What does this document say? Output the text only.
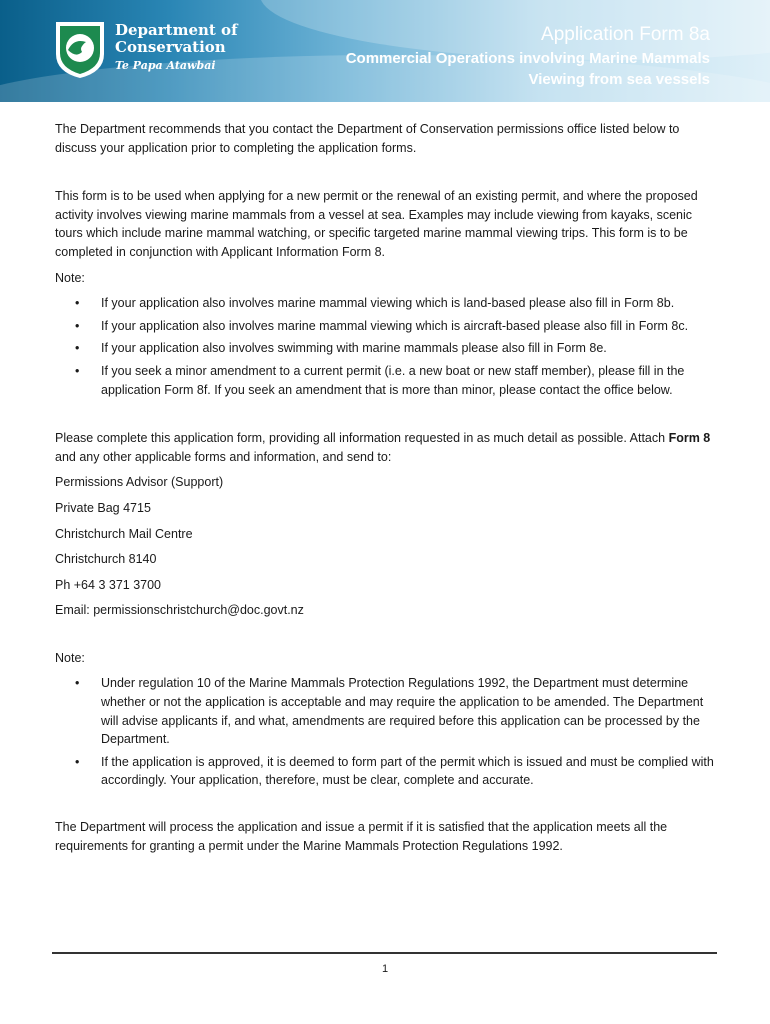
Department of
Conservation
Te Papa Atawbai
Application Form 8a
Commercial Operations involving Marine Mammals
Viewing from sea vessels

The Department recommends that you contact the Department of Conservation permissions office listed below to discuss your application prior to completing the application forms.

This form is to be used when applying for a new permit or the renewal of an existing permit, and where the proposed activity involves viewing marine mammals from a vessel at sea. Examples may include viewing from kayaks, scenic tours which include marine mammal watching, or specific targeted marine mammal viewing trips. This form is to be completed in conjunction with Applicant Information Form 8.

Note:

• If your application also involves marine mammal viewing which is land-based please also fill in Form 8b.
• If your application also involves marine mammal viewing which is aircraft-based please also fill in Form 8c.
• If your application also involves swimming with marine mammals please also fill in Form 8e.
• If you seek a minor amendment to a current permit (i.e. a new boat or new staff member), please fill in the application Form 8f. If you seek an amendment that is more than minor, please contact the office below.

Please complete this application form, providing all information requested in as much detail as possible. Attach Form 8 and any other applicable forms and information, and send to:

Permissions Advisor (Support)

Private Bag 4715

Christchurch Mail Centre

Christchurch 8140

Ph +64 3 371 3700

Email: permissionschristchurch@doc.govt.nz

Note:

• Under regulation 10 of the Marine Mammals Protection Regulations 1992, the Department must determine whether or not the application is acceptable and may require the application to be amended. The Department will advise applicants if, and what, amendments are required before this application can be processed by the Department.
• If the application is approved, it is deemed to form part of the permit which is issued and must be complied with accordingly. Your application, therefore, must be clear, complete and accurate.

The Department will process the application and issue a permit if it is satisfied that the application meets all the requirements for granting a permit under the Marine Mammals Protection Regulations 1992.

1
